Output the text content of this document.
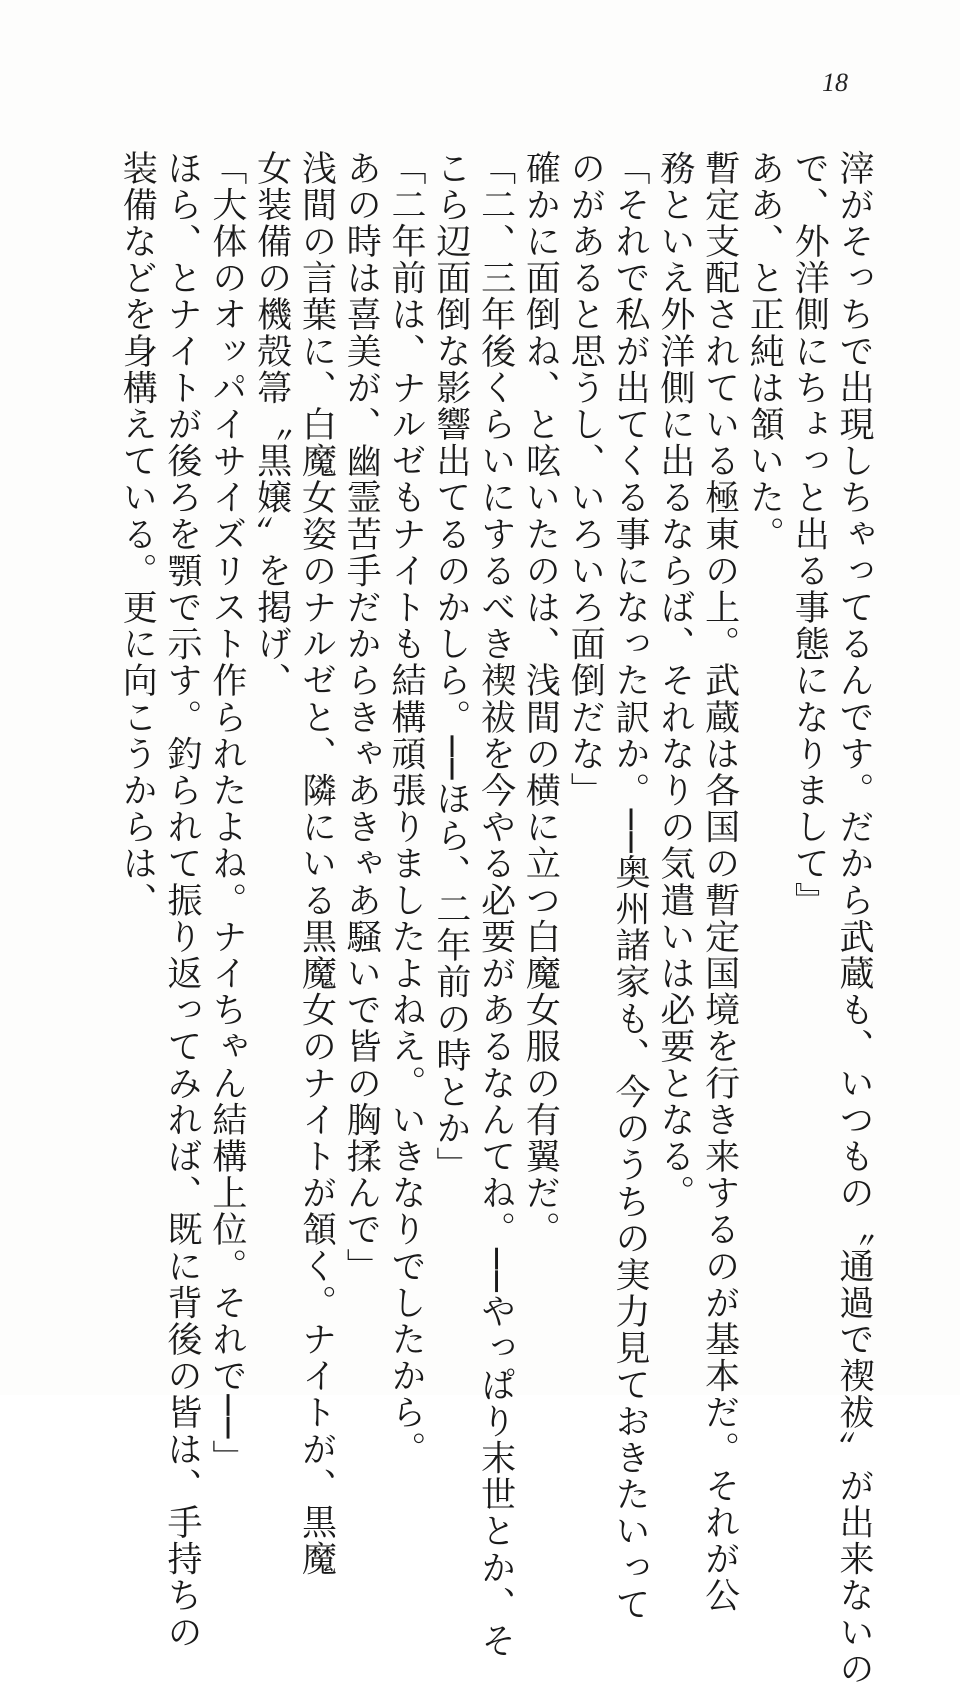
18
滓がそっちで出現しちゃってるんです。だから武蔵も、いつもの〝通過で禊祓〟が出来ないの
で、外洋側にちょっと出る事態になりまして』
ああ、と正純は頷いた。
暫定支配されている極東の上。武蔵は各国の暫定国境を行き来するのが基本だ。それが公
務といえ外洋側に出るならば、それなりの気遣いは必要となる。
「それで私が出てくる事になった訳か。──奥州諸家も、今のうちの実力見ておきたいって
のがあると思うし、いろいろ面倒だな」
確かに面倒ね、と呟いたのは、浅間の横に立つ白魔女服の有翼だ。
「二、三年後くらいにするべき禊祓を今やる必要があるなんてね。──やっぱり末世とか、そ
こら辺面倒な影響出てるのかしら。──ほら、二年前の時とか」
「二年前は、ナルゼもナイトも結構頑張りましたよねえ。いきなりでしたから。
あの時は喜美が、幽霊苦手だからきゃあきゃあ騒いで皆の胸揉んで」
浅間の言葉に、白魔女姿のナルゼと、隣にいる黒魔女のナイトが頷く。ナイトが、黒魔
女装備の機殻箒〝黒嬢〟を掲げ、
「大体のオッパイサイズリスト作られたよね。ナイちゃん結構上位。それで──」
ほら、とナイトが後ろを顎で示す。釣られて振り返ってみれば、既に背後の皆は、手持ちの
装備などを身構えている。更に向こうからは、
